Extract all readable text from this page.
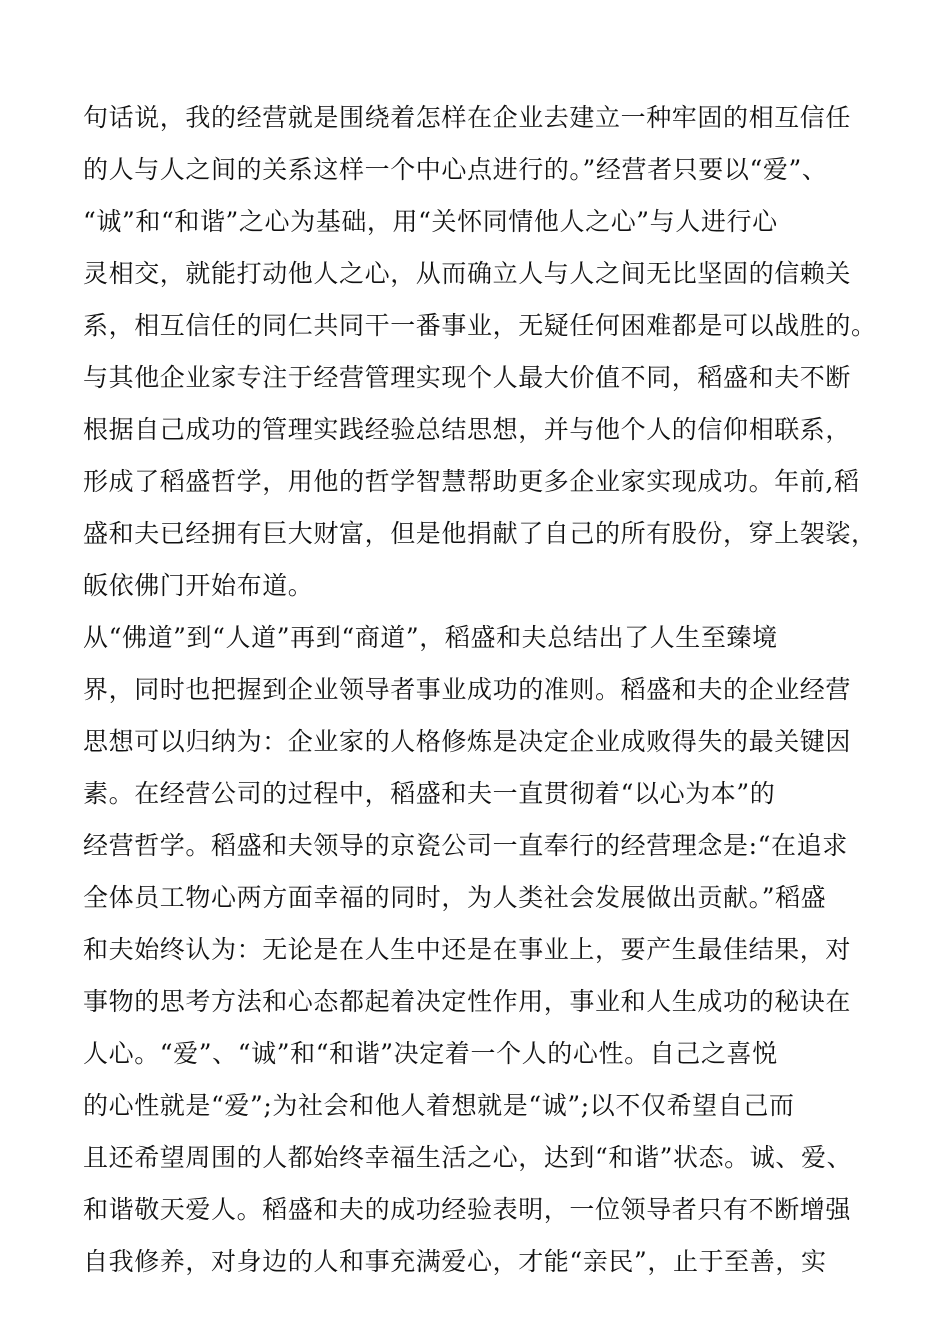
句话说，我的经营就是围绕着怎样在企业去建立一种牢固的相互信任
的人与人之间的关系这样一个中心点进行的。”经营者只要以“爱”、
“诚”和“和谐”之心为基础，用“关怀同情他人之心”与人进行心
灵相交，就能打动他人之心，从而确立人与人之间无比坚固的信赖关
系，相互信任的同仁共同干一番事业，无疑任何困难都是可以战胜的。
与其他企业家专注于经营管理实现个人最大价值不同，稻盛和夫不断
根据自己成功的管理实践经验总结思想，并与他个人的信仰相联系，
形成了稻盛哲学，用他的哲学智慧帮助更多企业家实现成功。年前,稻
盛和夫已经拥有巨大财富，但是他捐献了自己的所有股份，穿上袈裟，
皈依佛门开始布道。
从“佛道”到“人道”再到“商道”，稻盛和夫总结出了人生至臻境
界，同时也把握到企业领导者事业成功的准则。稻盛和夫的企业经营
思想可以归纳为：企业家的人格修炼是决定企业成败得失的最关键因
素。在经营公司的过程中，稻盛和夫一直贯彻着“以心为本”的
经营哲学。稻盛和夫领导的京瓷公司一直奉行的经营理念是:“在追求
全体员工物心两方面幸福的同时，为人类社会发展做出贡献。”稻盛
和夫始终认为：无论是在人生中还是在事业上，要产生最佳结果，对
事物的思考方法和心态都起着决定性作用，事业和人生成功的秘诀在
人心。“爱”、“诚”和“和谐”决定着一个人的心性。自己之喜悦
的心性就是“爱”;为社会和他人着想就是“诚”;以不仅希望自己而
且还希望周围的人都始终幸福生活之心，达到“和谐”状态。诚、爱、
和谐敬天爱人。稻盛和夫的成功经验表明，一位领导者只有不断增强
自我修养，对身边的人和事充满爱心，才能“亲民”，止于至善，实
